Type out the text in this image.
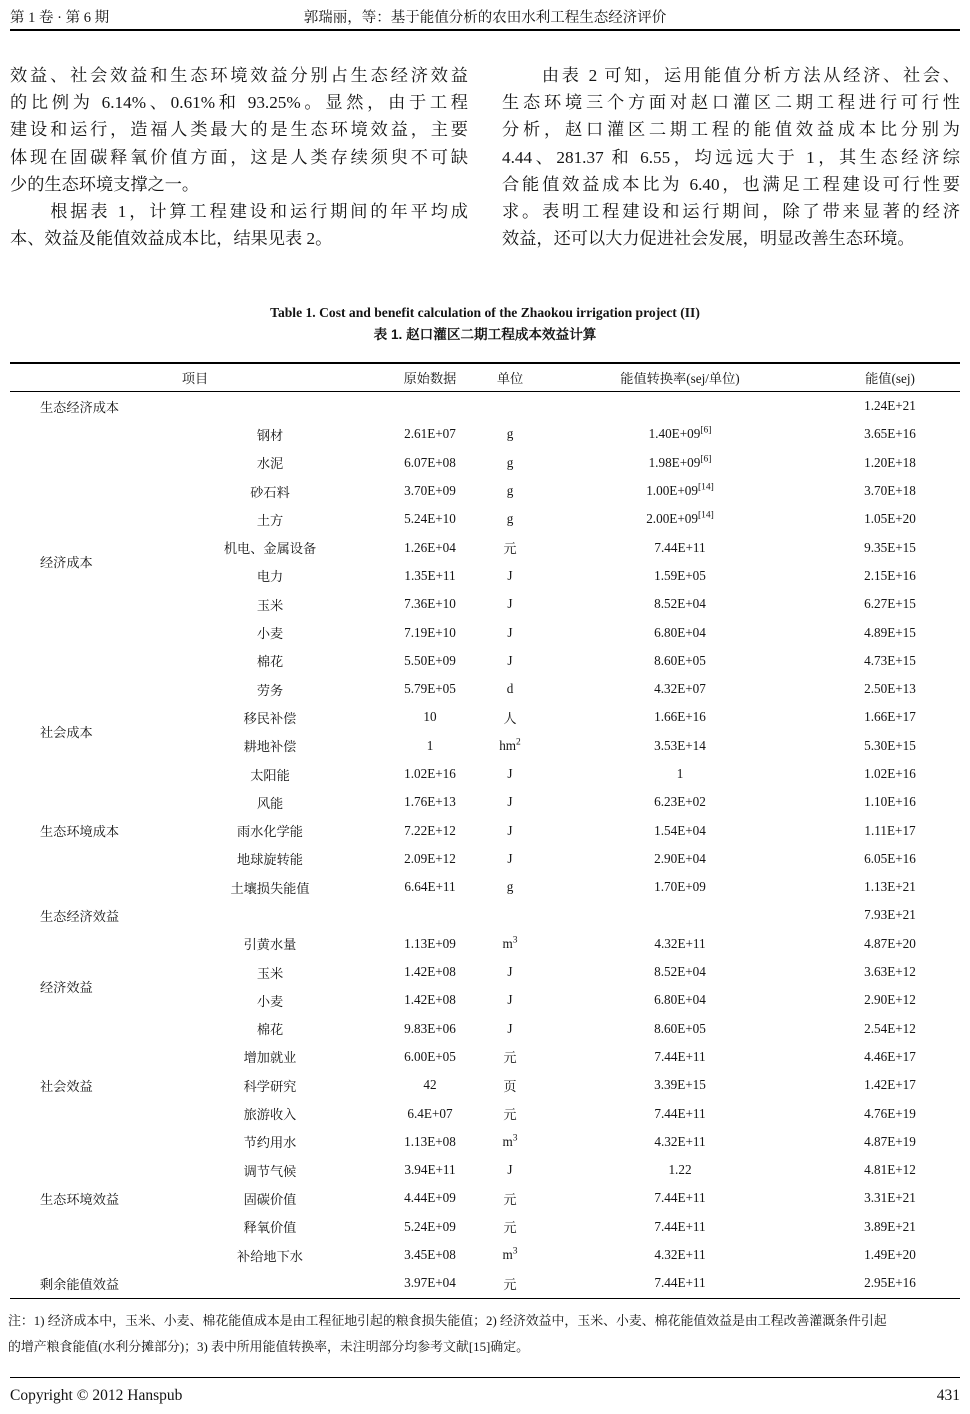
第 1 卷 · 第 6 期	郭瑞丽，等：基于能值分析的农田水利工程生态经济评价
效益、社会效益和生态环境效益分别占生态经济效益
的比例为 6.14%、0.61%和 93.25%。显然，由于工程
建设和运行，造福人类最大的是生态环境效益，主要
体现在固碳释氧价值方面，这是人类存续须臾不可缺
少的生态环境支撑之一。
　　根据表 1，计算工程建设和运行期间的年平均成
本、效益及能值效益成本比，结果见表 2。
　　由表 2 可知，运用能值分析方法从经济、社会、
生态环境三个方面对赵口灌区二期工程进行可行性
分析，赵口灌区二期工程的能值效益成本比分别为
4.44、281.37 和 6.55，均远远大于 1，其生态经济综
合能值效益成本比为 6.40，也满足工程建设可行性要
求。表明工程建设和运行期间，除了带来显著的经济
效益，还可以大力促进社会发展，明显改善生态环境。
Table 1. Cost and benefit calculation of the Zhaokou irrigation project (II)
表 1. 赵口灌区二期工程成本效益计算
项目		原始数据	单位	能值转换率(sej/单位)	能值(sej)
生态经济成本					1.24E+21
经济成本	钢材	2.61E+07	g	1.40E+09[6]	3.65E+16
	水泥	6.07E+08	g	1.98E+09[6]	1.20E+18
	砂石料	3.70E+09	g	1.00E+09[14]	3.70E+18
	土方	5.24E+10	g	2.00E+09[14]	1.05E+20
	机电、金属设备	1.26E+04	元	7.44E+11	9.35E+15
	电力	1.35E+11	J	1.59E+05	2.15E+16
	玉米	7.36E+10	J	8.52E+04	6.27E+15
	小麦	7.19E+10	J	6.80E+04	4.89E+15
	棉花	5.50E+09	J	8.60E+05	4.73E+15
	劳务	5.79E+05	d	4.32E+07	2.50E+13
社会成本	移民补偿	10	人	1.66E+16	1.66E+17
	耕地补偿	1	$hm^2$	3.53E+14	5.30E+15
生态环境成本	太阳能	1.02E+16	J	1	1.02E+16
	风能	1.76E+13	J	6.23E+02	1.10E+16
	雨水化学能	7.22E+12	J	1.54E+04	1.11E+17
	地球旋转能	2.09E+12	J	2.90E+04	6.05E+16
	土壤损失能值	6.64E+11	g	1.70E+09	1.13E+21
生态经济效益					7.93E+21
经济效益	引黄水量	1.13E+09	$m^3$	4.32E+11	4.87E+20
	玉米	1.42E+08	J	8.52E+04	3.63E+12
	小麦	1.42E+08	J	6.80E+04	2.90E+12
	棉花	9.83E+06	J	8.60E+05	2.54E+12
社会效益	增加就业	6.00E+05	元	7.44E+11	4.46E+17
	科学研究	42	页	3.39E+15	1.42E+17
	旅游收入	6.4E+07	元	7.44E+11	4.76E+19
生态环境效益	节约用水	1.13E+08	$m^3$	4.32E+11	4.87E+19
	调节气候	3.94E+11	J	1.22	4.81E+12
	固碳价值	4.44E+09	元	7.44E+11	3.31E+21
	释氧价值	5.24E+09	元	7.44E+11	3.89E+21
	补给地下水	3.45E+08	$m^3$	4.32E+11	1.49E+20
剩余能值效益		3.97E+04	元	7.44E+11	2.95E+16
注：1) 经济成本中，玉米、小麦、棉花能值成本是由工程征地引起的粮食损失能值；2) 经济效益中，玉米、小麦、棉花能值效益是由工程改善灌溉条件引起
的增产粮食能值(水利分摊部分)；3) 表中所用能值转换率，未注明部分均参考文献[15]确定。
Copyright © 2012 Hanspub	431
